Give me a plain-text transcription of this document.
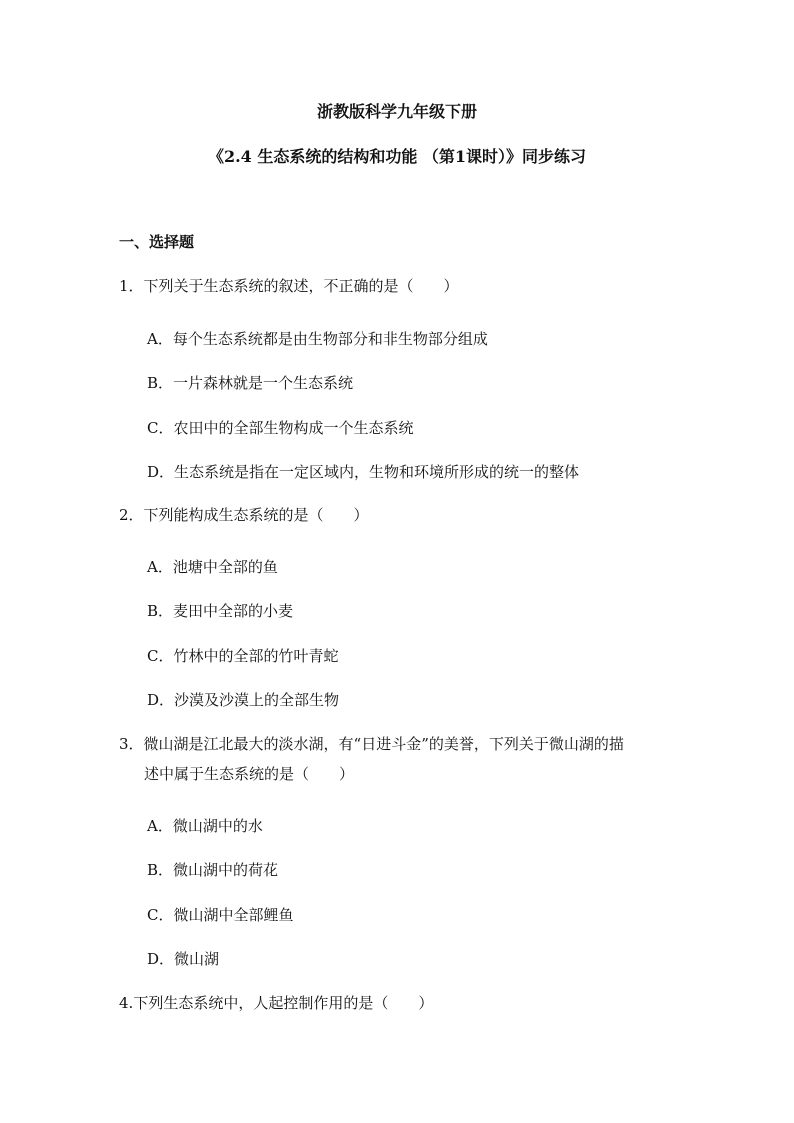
浙教版科学九年级下册
《2.4 生态系统的结构和功能 （第1课时）》同步练习
一、选择题
1．下列关于生态系统的叙述，不正确的是（　　）
A．每个生态系统都是由生物部分和非生物部分组成
B．一片森林就是一个生态系统
C．农田中的全部生物构成一个生态系统
D．生态系统是指在一定区域内，生物和环境所形成的统一的整体
2．下列能构成生态系统的是（　　）
A．池塘中全部的鱼
B．麦田中全部的小麦
C．竹林中的全部的竹叶青蛇
D．沙漠及沙漠上的全部生物
3．微山湖是江北最大的淡水湖，有“日进斗金”的美誉，下列关于微山湖的描
述中属于生态系统的是（　　）
A．微山湖中的水
B．微山湖中的荷花
C．微山湖中全部鲤鱼
D．微山湖
4.下列生态系统中，人起控制作用的是（　　）
